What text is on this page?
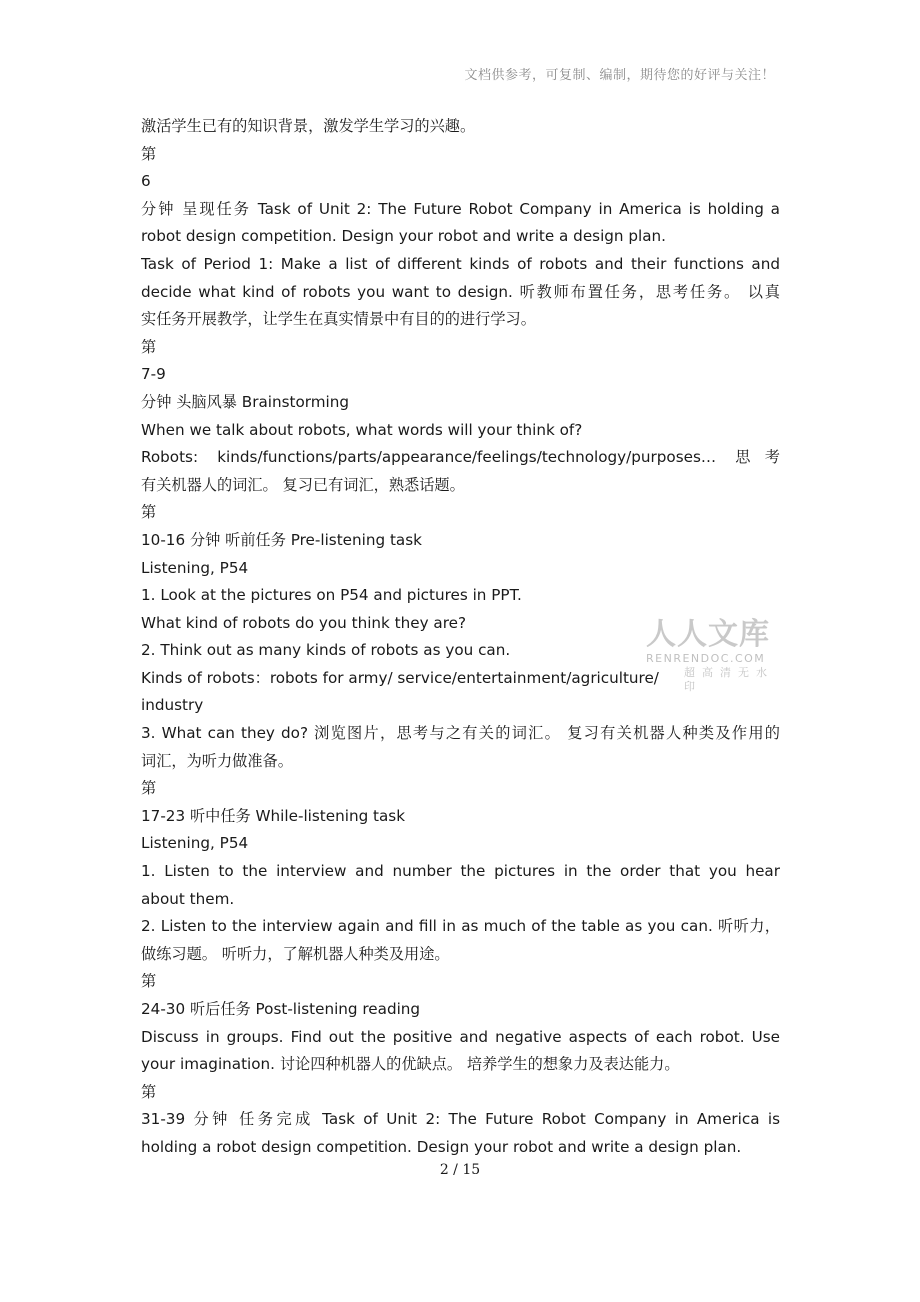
文档供参考，可复制、编制，期待您的好评与关注！
激活学生已有的知识背景，激发学生学习的兴趣。
第
6
分钟 呈现任务 Task of Unit 2: The Future Robot Company in America is holding a
robot design competition. Design your robot and write a design plan.
Task of Period 1: Make a list of different kinds of robots and their functions and
decide what kind of robots you want to design. 听教师布置任务，思考任务。 以真
实任务开展教学，让学生在真实情景中有目的的进行学习。
第
7-9
分钟 头脑风暴 Brainstorming
When we talk about robots, what words will your think of?
Robots: kinds/functions/parts/appearance/feelings/technology/purposes… 思考
有关机器人的词汇。 复习已有词汇，熟悉话题。
第
10-16 分钟 听前任务 Pre-listening task
Listening, P54
1. Look at the pictures on P54 and pictures in PPT.
What kind of robots do you think they are?
2. Think out as many kinds of robots as you can.
Kinds of robots：robots for army/ service/entertainment/agriculture/
industry
3. What can they do? 浏览图片，思考与之有关的词汇。 复习有关机器人种类及作用的
词汇，为听力做准备。
第
17-23 听中任务 While-listening task
Listening, P54
1. Listen to the interview and number the pictures in the order that you hear
about them.
2. Listen to the interview again and fill in as much of the table as you can. 听听力，
做练习题。 听听力，了解机器人种类及用途。
第
24-30 听后任务 Post-listening reading
Discuss in groups. Find out the positive and negative aspects of each robot. Use
your imagination. 讨论四种机器人的优缺点。 培养学生的想象力及表达能力。
第
31-39 分钟 任务完成 Task of Unit 2: The Future Robot Company in America is
holding a robot design competition. Design your robot and write a design plan.
2 / 15
人人文库
RENRENDOC.COM
超高清无水印
